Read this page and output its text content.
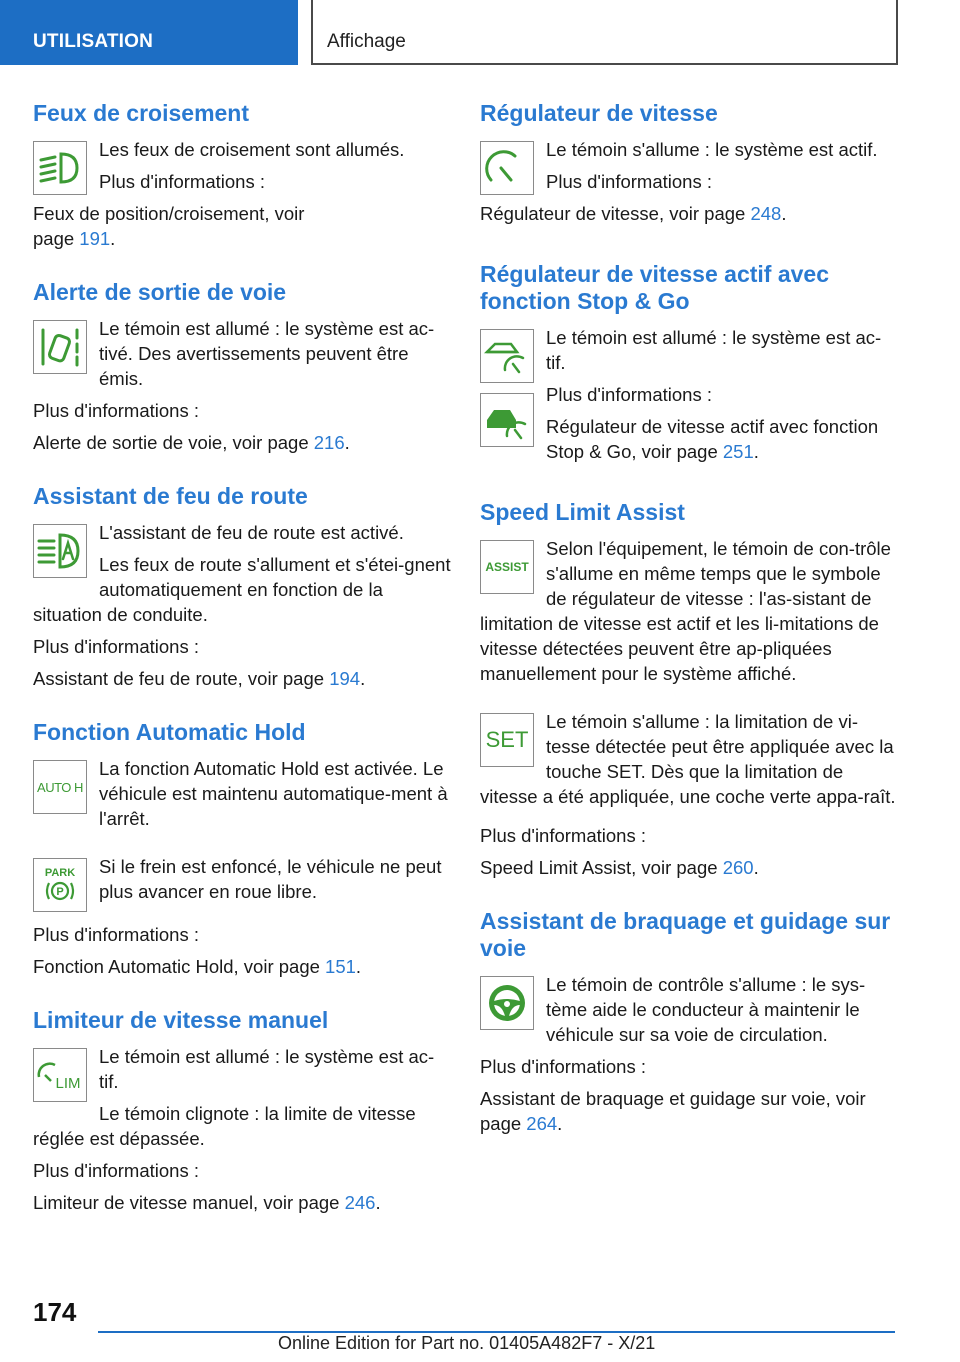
UTILISATION	Affichage
Feux de croisement

Les feux de croisement sont allumés.

Plus d'informations :

Feux de position/croisement, voir

page 191.

Alerte de sortie de voie

Le témoin est allumé : le système est ac-tivé. Des avertissements peuvent être émis.

Plus d'informations :

Alerte de sortie de voie, voir page 216.

Assistant de feu de route

L'assistant de feu de route est activé.

Les feux de route s'allument et s'étei-gnent automatiquement en fonction de la situation de conduite.

Plus d'informations :

Assistant de feu de route, voir page 194.

Fonction Automatic Hold
AUTO H

La fonction Automatic Hold est activée. Le véhicule est maintenu automatique-ment à l'arrêt.

PARK
P

Si le frein est enfoncé, le véhicule ne peut plus avancer en roue libre.

Plus d'informations :

Fonction Automatic Hold, voir page 151.

Limiteur de vitesse manuel
LIM

Le témoin est allumé : le système est ac-tif.

Le témoin clignote : la limite de vitesse réglée est dépassée.

Plus d'informations :

Limiteur de vitesse manuel, voir page 246.

Régulateur de vitesse

Le témoin s'allume : le système est actif.

Plus d'informations :

Régulateur de vitesse, voir page 248.

Régulateur de vitesse actif avec fonction Stop & Go

Le témoin est allumé : le système est ac-tif.

Plus d'informations :

Régulateur de vitesse actif avec fonction Stop & Go, voir page 251.

Speed Limit Assist
ASSIST

Selon l'équipement, le témoin de con-trôle s'allume en même temps que le symbole de régulateur de vitesse : l'as-sistant de limitation de vitesse est actif et les li-mitations de vitesse détectées peuvent être ap-pliquées manuellement pour le système affiché.

SET

Le témoin s'allume : la limitation de vi-tesse détectée peut être appliquée avec la touche SET. Dès que la limitation de vitesse a été appliquée, une coche verte appa-raît.

Plus d'informations :

Speed Limit Assist, voir page 260.

Assistant de braquage et guidage sur voie

Le témoin de contrôle s'allume : le sys-tème aide le conducteur à maintenir le véhicule sur sa voie de circulation.

Plus d'informations :

Assistant de braquage et guidage sur voie, voir page 264.

174
Online Edition for Part no. 01405A482F7 - X/21
